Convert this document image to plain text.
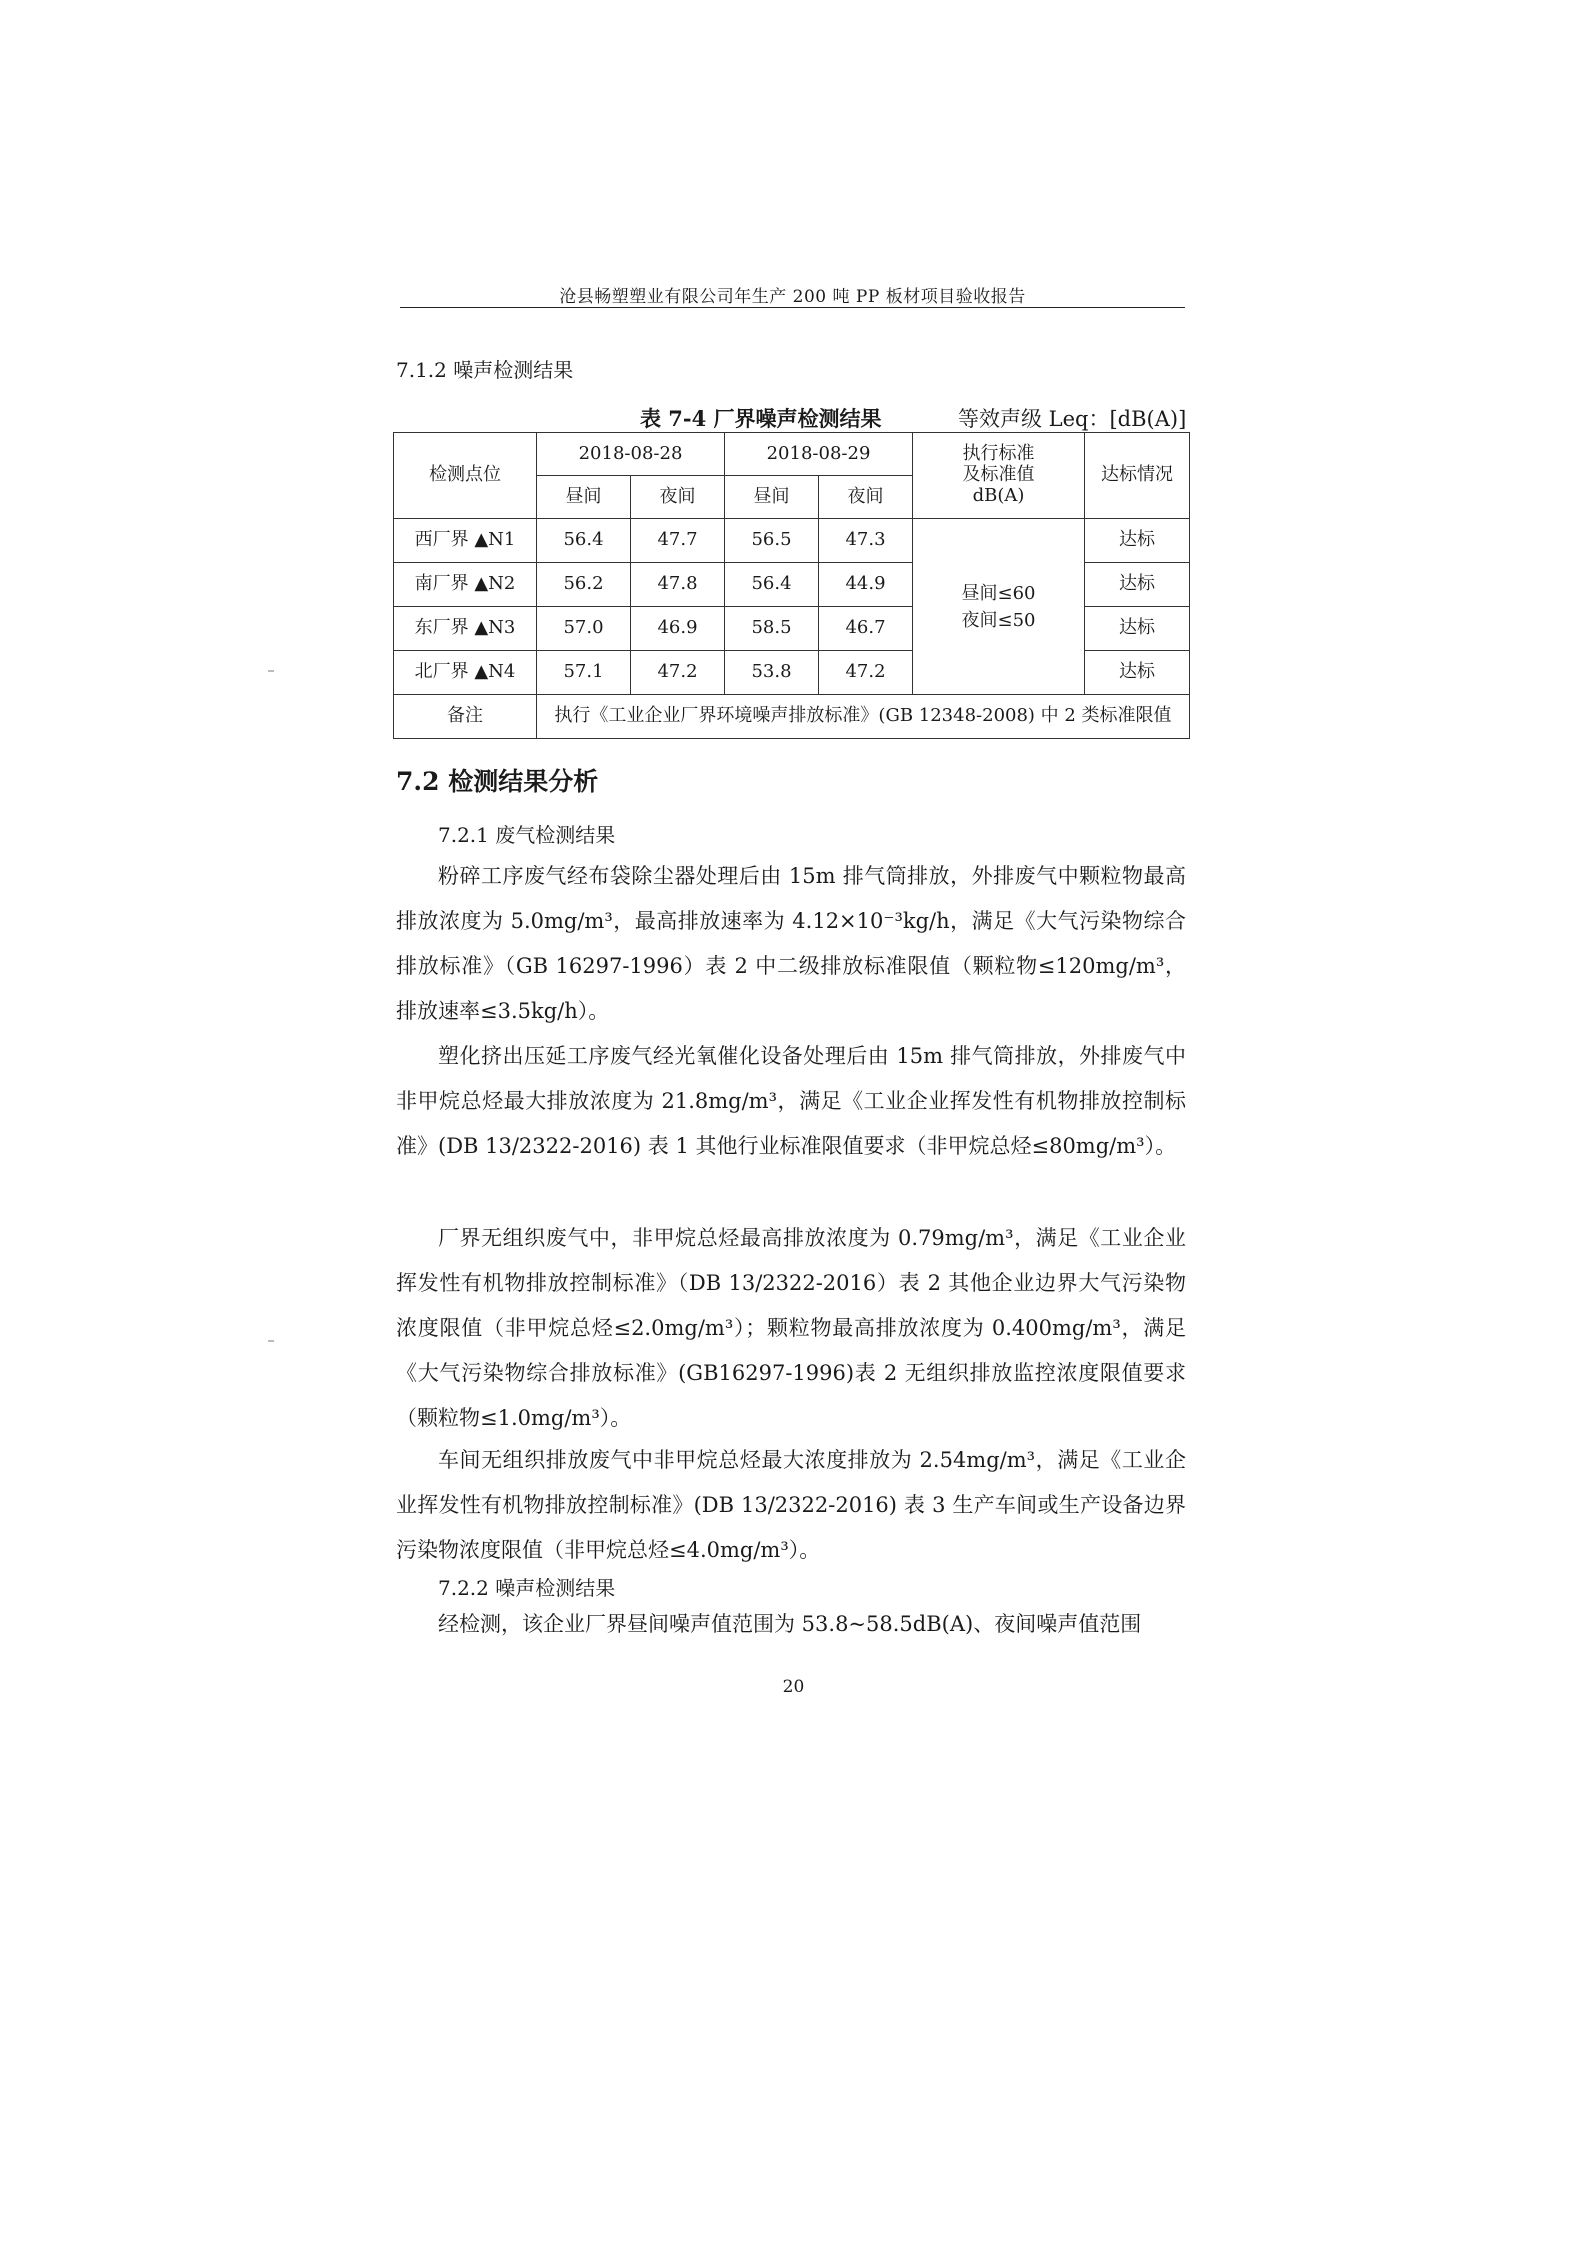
沧县畅塑塑业有限公司年生产 200 吨 PP 板材项目验收报告
7.1.2 噪声检测结果
表 7-4 厂界噪声检测结果	等效声级 Leq：[dB(A)]
检测点位	2018-08-28		2018-08-29		执行标准
及标准值
dB(A)	达标情况
	昼间	夜间	昼间	夜间		
西厂界 ▲N1	56.4	47.7	56.5	47.3	昼间≤60
夜间≤50	达标
南厂界 ▲N2	56.2	47.8	56.4	44.9		达标
东厂界 ▲N3	57.0	46.9	58.5	46.7		达标
北厂界 ▲N4	57.1	47.2	53.8	47.2		达标
备注	执行《工业企业厂界环境噪声排放标准》(GB 12348-2008) 中 2 类标准限值					
7.2 检测结果分析
7.2.1 废气检测结果
粉碎工序废气经布袋除尘器处理后由 15m 排气筒排放，外排废气中颗粒物最高排放浓度为 5.0mg/m³，最高排放速率为 4.12×10⁻³kg/h，满足《大气污染物综合排放标准》（GB 16297-1996）表 2 中二级排放标准限值（颗粒物≤120mg/m³，排放速率≤3.5kg/h）。
塑化挤出压延工序废气经光氧催化设备处理后由 15m 排气筒排放，外排废气中非甲烷总烃最大排放浓度为 21.8mg/m³，满足《工业企业挥发性有机物排放控制标准》(DB 13/2322-2016) 表 1 其他行业标准限值要求（非甲烷总烃≤80mg/m³）。
厂界无组织废气中，非甲烷总烃最高排放浓度为 0.79mg/m³，满足《工业企业挥发性有机物排放控制标准》（DB 13/2322-2016）表 2 其他企业边界大气污染物浓度限值（非甲烷总烃≤2.0mg/m³）；颗粒物最高排放浓度为 0.400mg/m³，满足《大气污染物综合排放标准》(GB16297-1996)表 2 无组织排放监控浓度限值要求（颗粒物≤1.0mg/m³）。
车间无组织排放废气中非甲烷总烃最大浓度排放为 2.54mg/m³，满足《工业企业挥发性有机物排放控制标准》(DB 13/2322-2016) 表 3 生产车间或生产设备边界污染物浓度限值（非甲烷总烃≤4.0mg/m³）。
7.2.2 噪声检测结果
经检测，该企业厂界昼间噪声值范围为 53.8~58.5dB(A)、夜间噪声值范围
20
